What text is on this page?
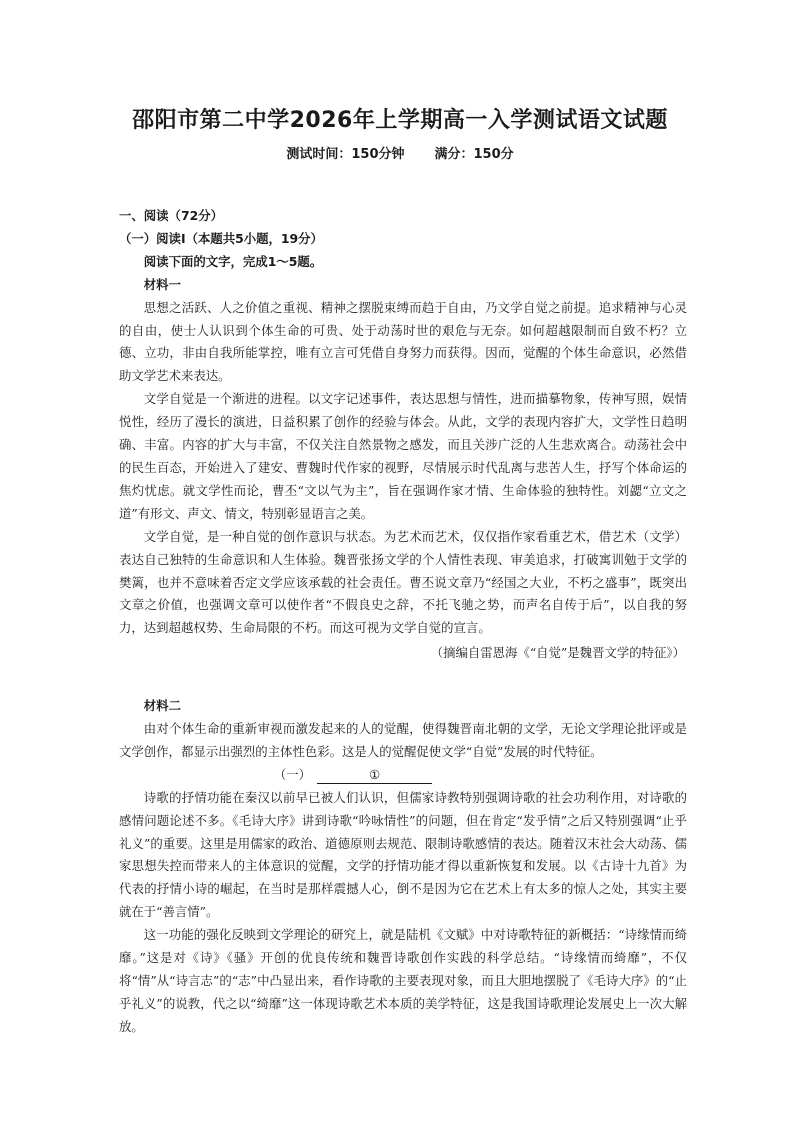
邵阳市第二中学2026年上学期高一入学测试语文试题
测试时间：150分钟 满分：150分

一、阅读（72分）

（一）阅读Ⅰ（本题共5小题，19分）

阅读下面的文字，完成1～5题。

材料一

思想之活跃、人之价值之重视、精神之摆脱束缚而趋于自由，乃文学自觉之前提。追求精神与心灵的自由，使士人认识到个体生命的可贵、处于动荡时世的艰危与无奈。如何超越限制而自致不朽？立德、立功，非由自我所能掌控，唯有立言可凭借自身努力而获得。因而，觉醒的个体生命意识，必然借助文学艺术来表达。

文学自觉是一个渐进的进程。以文字记述事件，表达思想与情性，进而描摹物象，传神写照，娱情悦性，经历了漫长的演进，日益积累了创作的经验与体会。从此，文学的表现内容扩大，文学性日趋明确、丰富。内容的扩大与丰富，不仅关注自然景物之感发，而且关涉广泛的人生悲欢离合。动荡社会中的民生百态，开始进入了建安、曹魏时代作家的视野，尽情展示时代乱离与悲苦人生，抒写个体命运的焦灼忧虑。就文学性而论，曹丕“文以气为主”，旨在强调作家才情、生命体验的独特性。刘勰“立文之道”有形文、声文、情文，特别彰显语言之美。

文学自觉，是一种自觉的创作意识与状态。为艺术而艺术，仅仅指作家看重艺术，借艺术（文学）表达自己独特的生命意识和人生体验。魏晋张扬文学的个人情性表现、审美追求，打破寓训勉于文学的樊篱，也并不意味着否定文学应该承载的社会责任。曹丕说文章乃“经国之大业，不朽之盛事”，既突出文章之价值，也强调文章可以使作者“不假良史之辞，不托飞驰之势，而声名自传于后”，以自我的努力，达到超越权势、生命局限的不朽。而这可视为文学自觉的宣言。

（摘编自雷恩海《“自觉”是魏晋文学的特征》）

材料二

由对个体生命的重新审视而激发起来的人的觉醒，使得魏晋南北朝的文学，无论文学理论批评或是文学创作，都显示出强烈的主体性色彩。这是人的觉醒促使文学“自觉”发展的时代特征。

（一）	①

诗歌的抒情功能在秦汉以前早已被人们认识，但儒家诗教特别强调诗歌的社会功利作用，对诗歌的感情问题论述不多。《毛诗大序》讲到诗歌“吟咏情性”的问题，但在肯定“发乎情”之后又特别强调“止乎礼义”的重要。这里是用儒家的政治、道德原则去规范、限制诗歌感情的表达。随着汉末社会大动荡、儒家思想失控而带来人的主体意识的觉醒，文学的抒情功能才得以重新恢复和发展。以《古诗十九首》为代表的抒情小诗的崛起，在当时是那样震撼人心，倒不是因为它在艺术上有太多的惊人之处，其实主要就在于“善言情”。

这一功能的强化反映到文学理论的研究上，就是陆机《文赋》中对诗歌特征的新概括：“诗缘情而绮靡。”这是对《诗》《骚》开创的优良传统和魏晋诗歌创作实践的科学总结。“诗缘情而绮靡”，不仅将“情”从“诗言志”的“志”中凸显出来，看作诗歌的主要表现对象，而且大胆地摆脱了《毛诗大序》的“止乎礼义”的说教，代之以“绮靡”这一体现诗歌艺术本质的美学特征，这是我国诗歌理论发展史上一次大解放。
